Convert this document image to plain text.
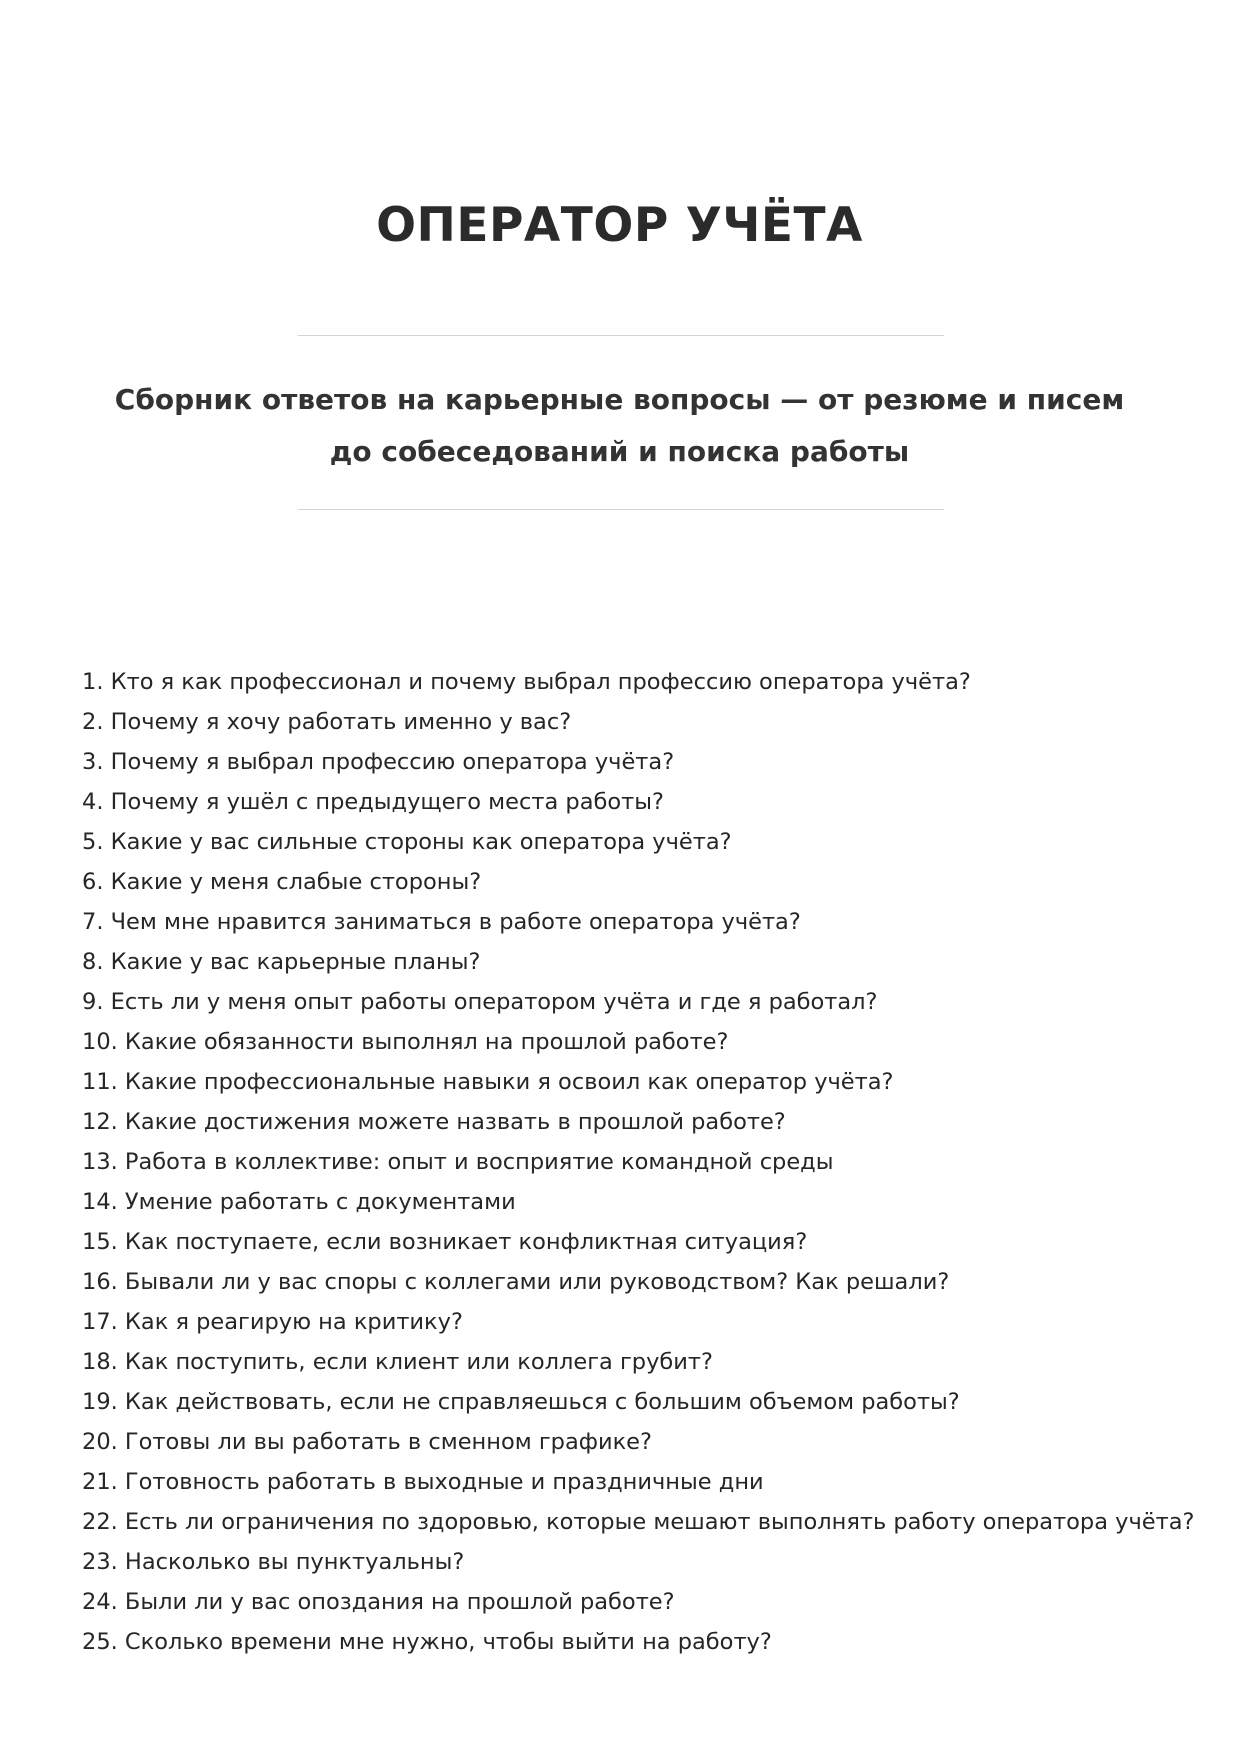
ОПЕРАТОР УЧЁТА

Сборник ответов на карьерные вопросы — от резюме и писем до собеседований и поиска работы

1. Кто я как профессионал и почему выбрал профессию оператора учёта?
2. Почему я хочу работать именно у вас?
3. Почему я выбрал профессию оператора учёта?
4. Почему я ушёл с предыдущего места работы?
5. Какие у вас сильные стороны как оператора учёта?
6. Какие у меня слабые стороны?
7. Чем мне нравится заниматься в работе оператора учёта?
8. Какие у вас карьерные планы?
9. Есть ли у меня опыт работы оператором учёта и где я работал?
10. Какие обязанности выполнял на прошлой работе?
11. Какие профессиональные навыки я освоил как оператор учёта?
12. Какие достижения можете назвать в прошлой работе?
13. Работа в коллективе: опыт и восприятие командной среды
14. Умение работать с документами
15. Как поступаете, если возникает конфликтная ситуация?
16. Бывали ли у вас споры с коллегами или руководством? Как решали?
17. Как я реагирую на критику?
18. Как поступить, если клиент или коллега грубит?
19. Как действовать, если не справляешься с большим объемом работы?
20. Готовы ли вы работать в сменном графике?
21. Готовность работать в выходные и праздничные дни
22. Есть ли ограничения по здоровью, которые мешают выполнять работу оператора учёта?
23. Насколько вы пунктуальны?
24. Были ли у вас опоздания на прошлой работе?
25. Сколько времени мне нужно, чтобы выйти на работу?
